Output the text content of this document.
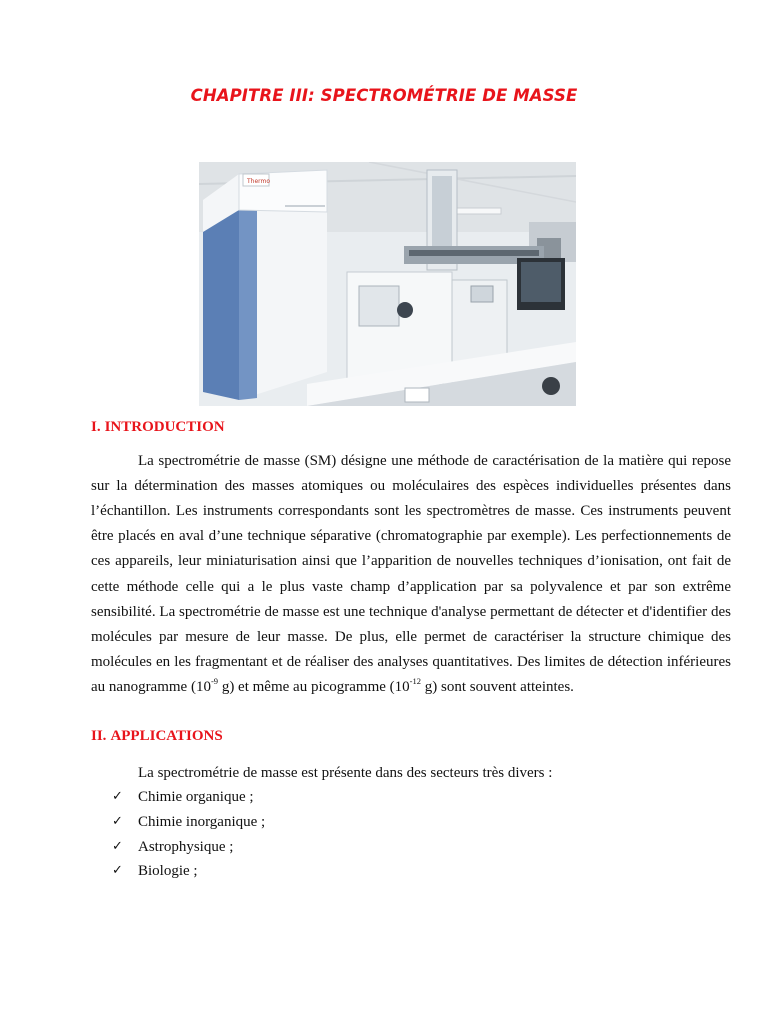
CHAPITRE III: SPECTROMÉTRIE DE MASSE
Thermo
I. INTRODUCTION

La spectrométrie de masse (SM) désigne une méthode de caractérisation de la matière qui repose sur la détermination des masses atomiques ou moléculaires des espèces individuelles présentes dans l’échantillon. Les instruments correspondants sont les spectromètres de masse. Ces instruments peuvent être placés en aval d’une technique séparative (chromatographie par exemple). Les perfectionnements de ces appareils, leur miniaturisation ainsi que l’apparition de nouvelles techniques d’ionisation, ont fait de cette méthode celle qui a le plus vaste champ d’application par sa polyvalence et par son extrême sensibilité. La spectrométrie de masse est une technique d'analyse permettant de détecter et d'identifier des molécules par mesure de leur masse. De plus, elle permet de caractériser la structure chimique des molécules en les fragmentant et de réaliser des analyses quantitatives. Des limites de détection inférieures au nanogramme ($10^{-9}$ g) et même au picogramme ($10^{-12}$ g) sont souvent atteintes.

II. APPLICATIONS

La spectrométrie de masse est présente dans des secteurs très divers :

✓	Chimie organique ;
✓	Chimie inorganique ;
✓	Astrophysique ;
✓	Biologie ;
